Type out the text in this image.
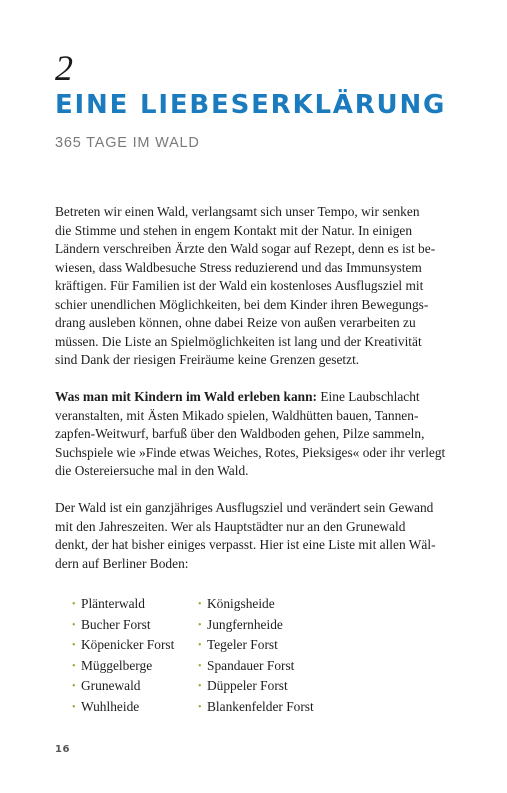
2
EINE LIEBESERKLÄRUNG
365 TAGE IM WALD

Betreten wir einen Wald, verlangsamt sich unser Tempo, wir senken
die Stimme und stehen in engem Kontakt mit der Natur. In einigen
Ländern verschreiben Ärzte den Wald sogar auf Rezept, denn es ist be-
wiesen, dass Waldbesuche Stress reduzierend und das Immunsystem
kräftigen. Für Familien ist der Wald ein kostenloses Ausflugsziel mit
schier unendlichen Möglichkeiten, bei dem Kinder ihren Bewegungs-
drang ausleben können, ohne dabei Reize von außen verarbeiten zu
müssen. Die Liste an Spielmöglichkeiten ist lang und der Kreativität
sind Dank der riesigen Freiräume keine Grenzen gesetzt.

Was man mit Kindern im Wald erleben kann: Eine Laubschlacht
veranstalten, mit Ästen Mikado spielen, Waldhütten bauen, Tannen-
zapfen-Weitwurf, barfuß über den Waldboden gehen, Pilze sammeln,
Suchspiele wie »Finde etwas Weiches, Rotes, Pieksiges« oder ihr verlegt
die Ostereiersuche mal in den Wald.

Der Wald ist ein ganzjähriges Ausflugsziel und verändert sein Gewand
mit den Jahreszeiten. Wer als Hauptstädter nur an den Grunewald
denkt, der hat bisher einiges verpasst. Hier ist eine Liste mit allen Wäl-
dern auf Berliner Boden:

• Plänterwald
• Bucher Forst
• Köpenicker Forst
• Müggelberge
• Grunewald
• Wuhlheide
• Königsheide
• Jungfernheide
• Tegeler Forst
• Spandauer Forst
• Düppeler Forst
• Blankenfelder Forst
16
